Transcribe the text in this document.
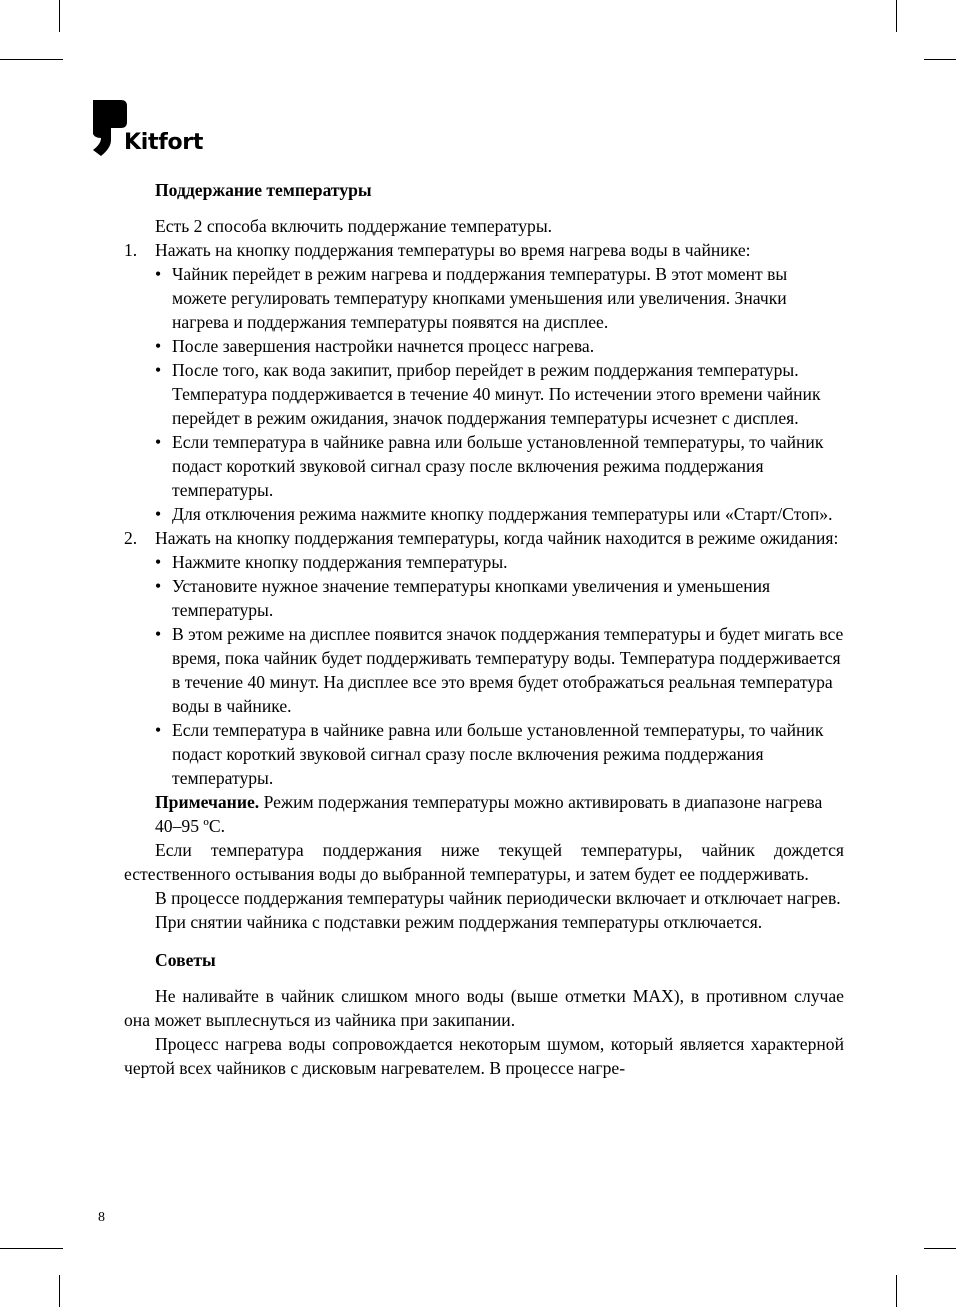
Kitfort
Поддержание температуры
Есть 2 способа включить поддержание температуры.
1. Нажать на кнопку поддержания температуры во время нагрева воды в чайнике:
• Чайник перейдет в режим нагрева и поддержания температуры. В этот момент вы можете регулировать температуру кнопками уменьшения или увеличения. Значки нагрева и поддержания температуры появятся на дисплее.
• После завершения настройки начнется процесс нагрева.
• После того, как вода закипит, прибор перейдет в режим поддержания температуры. Температура поддерживается в течение 40 минут. По истечении этого времени чайник перейдет в режим ожидания, значок поддержания температуры исчезнет с дисплея.
• Если температура в чайнике равна или больше установленной температуры, то чайник подаст короткий звуковой сигнал сразу после включения режима поддержания температуры.
• Для отключения режима нажмите кнопку поддержания температуры или «Старт/Стоп».
2. Нажать на кнопку поддержания температуры, когда чайник находится в режиме ожидания:
• Нажмите кнопку поддержания температуры.
• Установите нужное значение температуры кнопками увеличения и уменьшения температуры.
• В этом режиме на дисплее появится значок поддержания температуры и будет мигать все время, пока чайник будет поддерживать температуру воды. Температура поддерживается в течение 40 минут. На дисплее все это время будет отображаться реальная температура воды в чайнике.
• Если температура в чайнике равна или больше установленной температуры, то чайник подаст короткий звуковой сигнал сразу после включения режима поддержания температуры.
Примечание. Режим подержания температуры можно активировать в диапазоне нагрева 40–95 ºС.
Если температура поддержания ниже текущей температуры, чайник дождется естественного остывания воды до выбранной температуры, и затем будет ее поддерживать.
В процессе поддержания температуры чайник периодически включает и отключает нагрев.
При снятии чайника с подставки режим поддержания температуры отключается.
Советы
Не наливайте в чайник слишком много воды (выше отметки MAX), в противном случае она может выплеснуться из чайника при закипании.
Процесс нагрева воды сопровождается некоторым шумом, который является характерной чертой всех чайников с дисковым нагревателем. В процессе нагре-
8
